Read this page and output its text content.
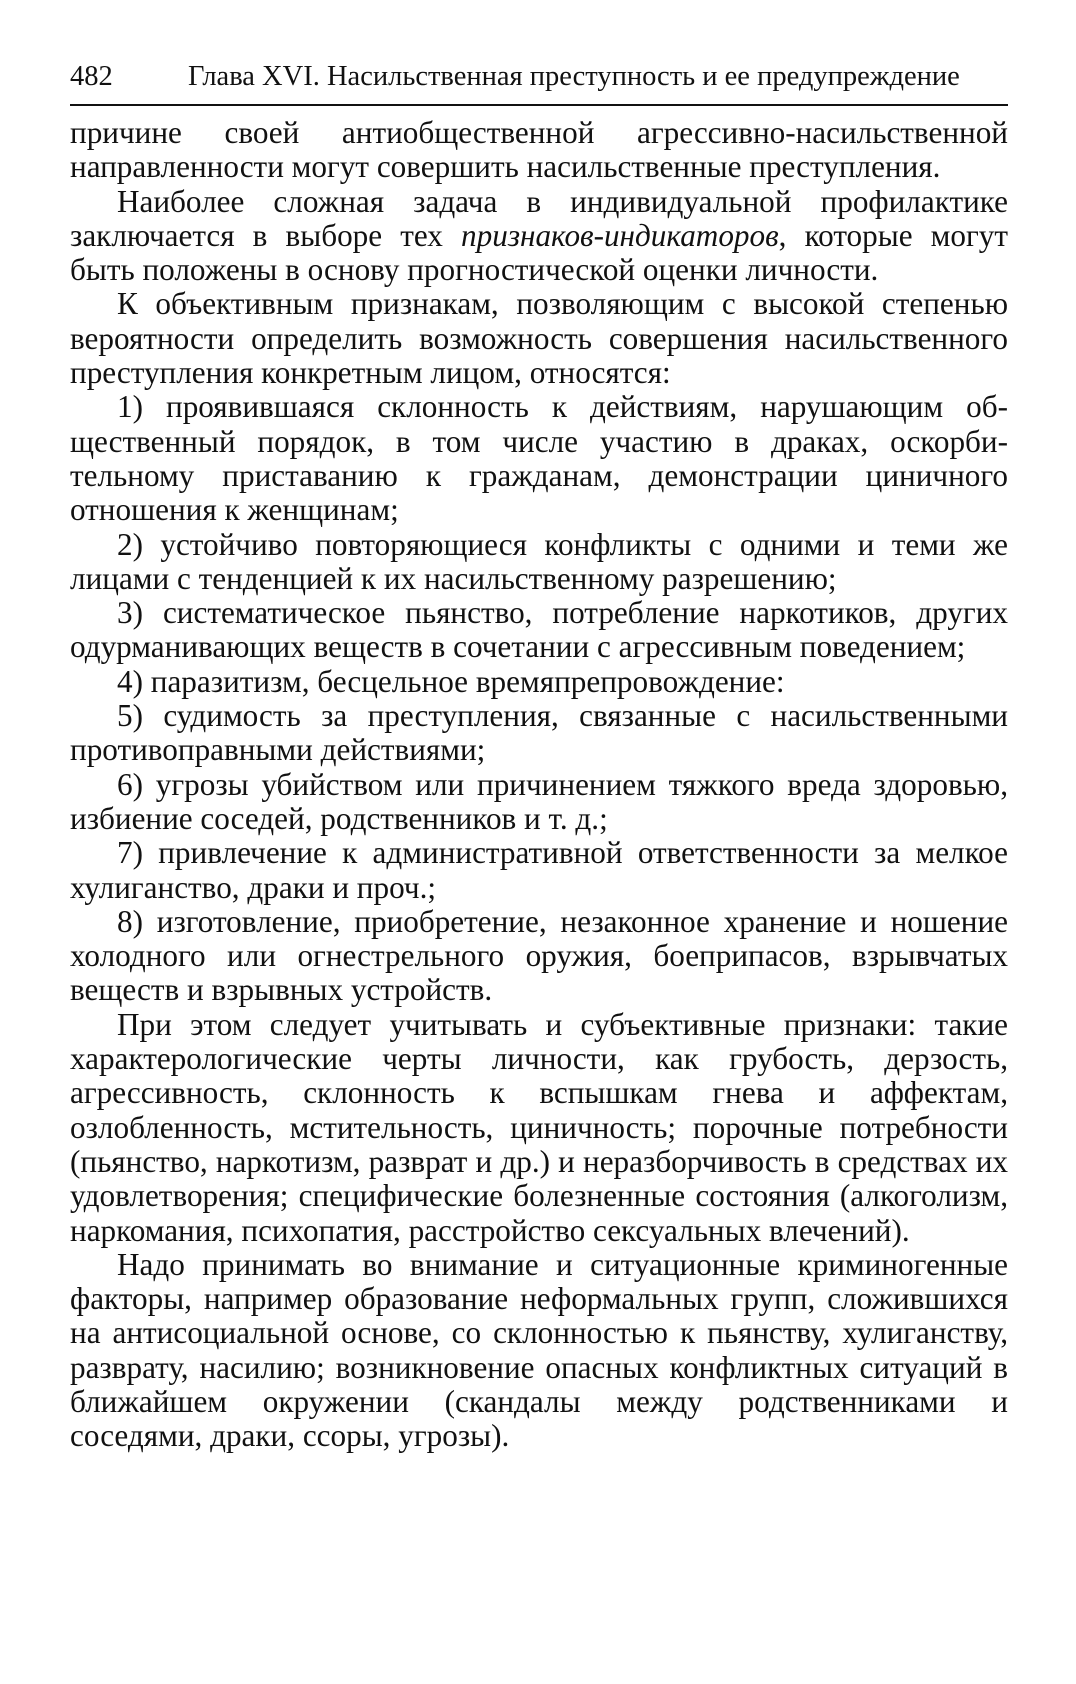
482	Глава XVI. Насильственная преступность и ее предупреждение

причине своей антиобщественной агрессивно-насильственной направленности могут совершить насильственные преступления.

Наиболее сложная задача в индивидуальной профилактике заключается в выборе тех признаков-индикаторов, которые могут быть положены в основу прогностической оценки личности.

К объективным признакам, позволяющим с высокой степенью вероятности определить возможность совершения насильственного преступления конкретным лицом, относятся:

1) проявившаяся склонность к действиям, нарушающим общественный порядок, в том числе участию в драках, оскорбительному приставанию к гражданам, демонстрации циничного отношения к женщинам;

2) устойчиво повторяющиеся конфликты с одними и теми же лицами с тенденцией к их насильственному разрешению;

3) систематическое пьянство, потребление наркотиков, других одурманивающих веществ в сочетании с агрессивным поведением;

4) паразитизм, бесцельное времяпрепровождение:

5) судимость за преступления, связанные с насильственными противоправными действиями;

6) угрозы убийством или причинением тяжкого вреда здоровью, избиение соседей, родственников и т. д.;

7) привлечение к административной ответственности за мелкое хулиганство, драки и проч.;

8) изготовление, приобретение, незаконное хранение и ношение холодного или огнестрельного оружия, боеприпасов, взрывчатых веществ и взрывных устройств.

При этом следует учитывать и субъективные признаки: такие характерологические черты личности, как грубость, дерзость, агрессивность, склонность к вспышкам гнева и аффектам, озлобленность, мстительность, циничность; порочные потребности (пьянство, наркотизм, разврат и др.) и неразборчивость в средствах их удовлетворения; специфические болезненные состояния (алкоголизм, наркомания, психопатия, расстройство сексуальных влечений).

Надо принимать во внимание и ситуационные криминогенные факторы, например образование неформальных групп, сложившихся на антисоциальной основе, со склонностью к пьянству, хулиганству, разврату, насилию; возникновение опасных конфликтных ситуаций в ближайшем окружении (скандалы между родственниками и соседями, драки, ссоры, угрозы).
